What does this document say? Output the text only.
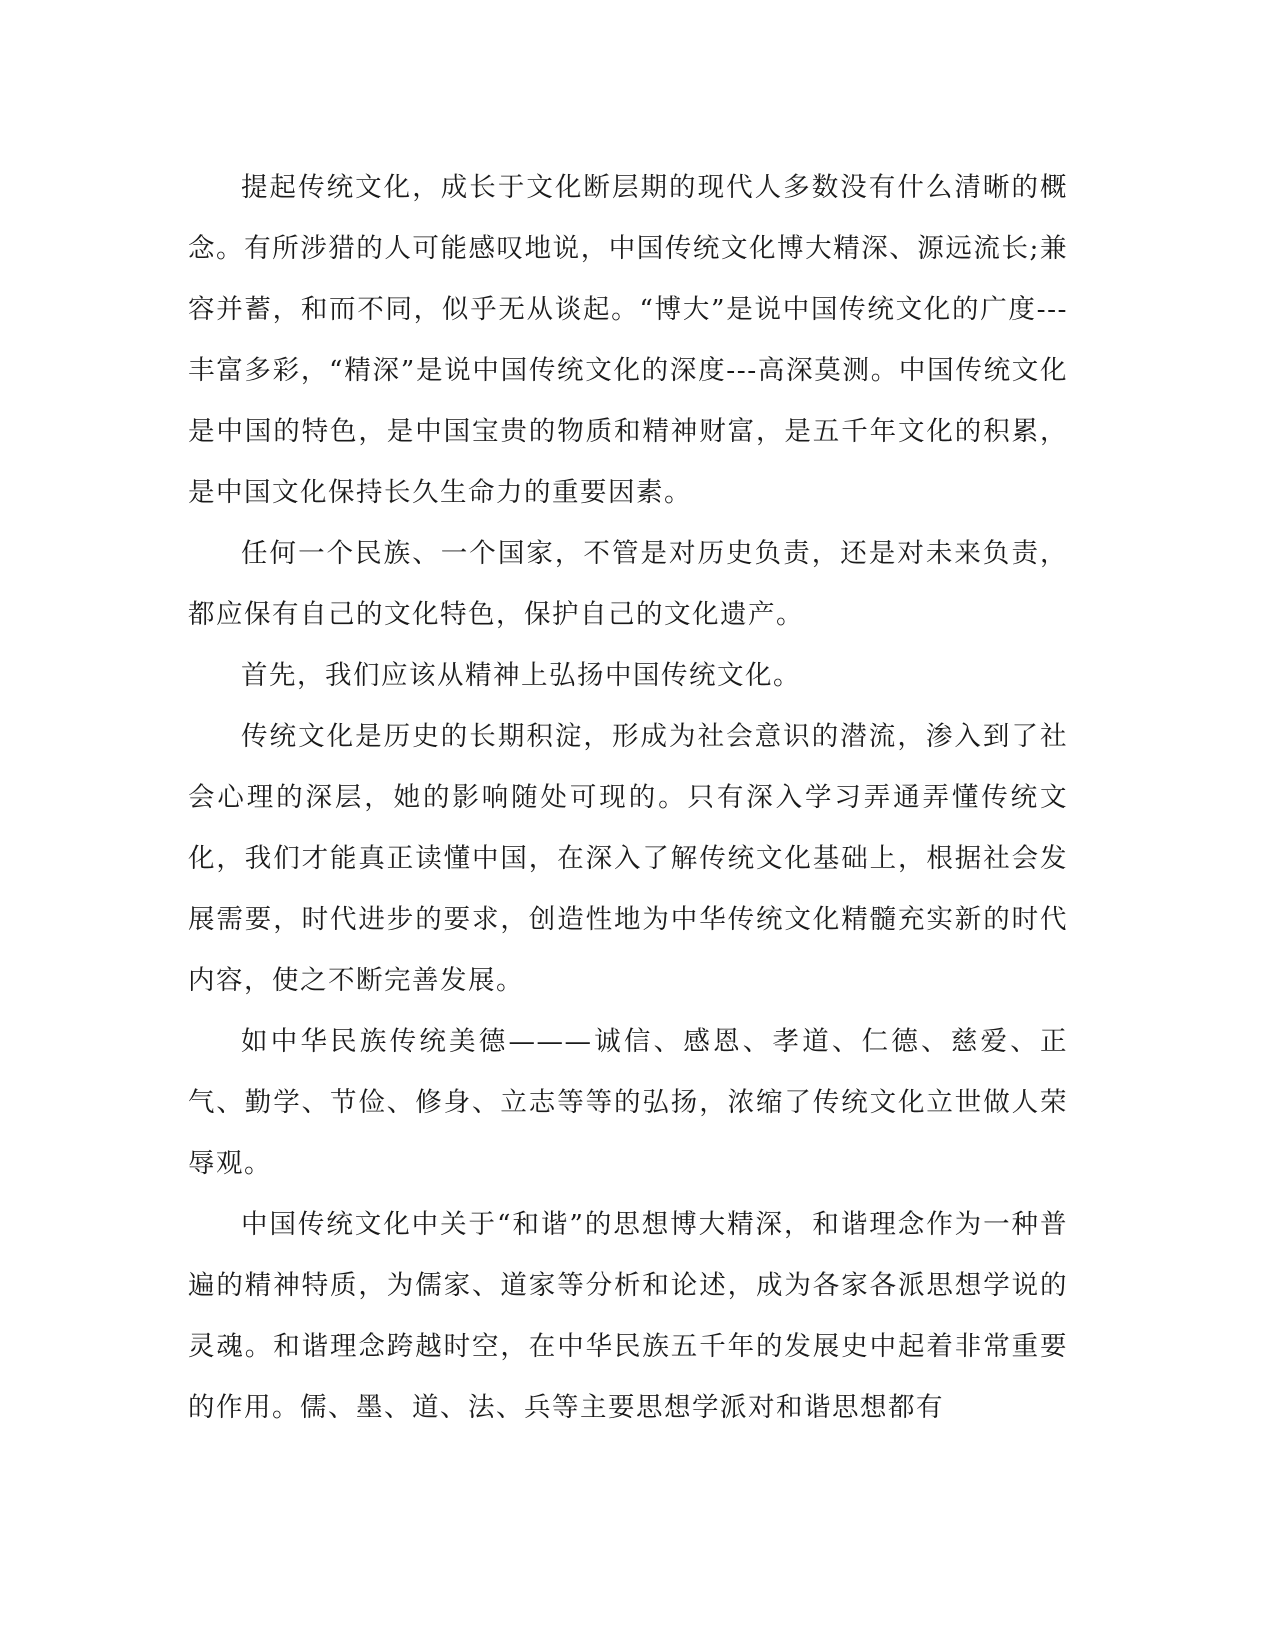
提起传统文化，成长于文化断层期的现代人多数没有什么清晰的概念。有所涉猎的人可能感叹地说，中国传统文化博大精深、源远流长;兼容并蓄，和而不同，似乎无从谈起。“博大”是说中国传统文化的广度---丰富多彩，“精深”是说中国传统文化的深度---高深莫测。中国传统文化是中国的特色，是中国宝贵的物质和精神财富，是五千年文化的积累，是中国文化保持长久生命力的重要因素。

任何一个民族、一个国家，不管是对历史负责，还是对未来负责，都应保有自己的文化特色，保护自己的文化遗产。

首先，我们应该从精神上弘扬中国传统文化。

传统文化是历史的长期积淀，形成为社会意识的潜流，渗入到了社会心理的深层，她的影响随处可现的。只有深入学习弄通弄懂传统文化，我们才能真正读懂中国，在深入了解传统文化基础上，根据社会发展需要，时代进步的要求，创造性地为中华传统文化精髓充实新的时代内容，使之不断完善发展。

如中华民族传统美德———诚信、感恩、孝道、仁德、慈爱、正气、勤学、节俭、修身、立志等等的弘扬，浓缩了传统文化立世做人荣辱观。

中国传统文化中关于“和谐”的思想博大精深，和谐理念作为一种普遍的精神特质，为儒家、道家等分析和论述，成为各家各派思想学说的灵魂。和谐理念跨越时空，在中华民族五千年的发展史中起着非常重要的作用。儒、墨、道、法、兵等主要思想学派对和谐思想都有
